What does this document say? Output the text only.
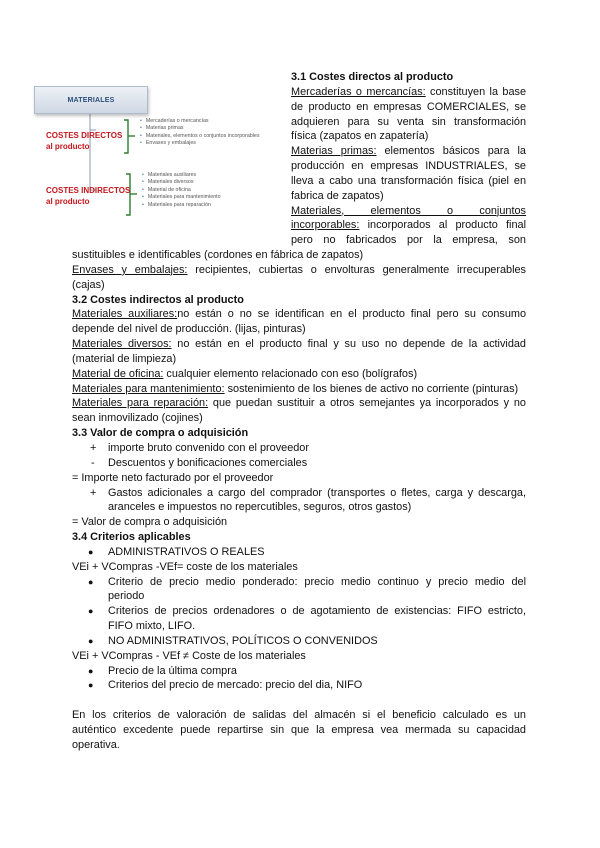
MATERIALES
COSTES DIRECTOS
al producto
• Mercaderías o mercancías
• Materias primas
• Materiales, elementos o conjuntos incorporables
• Envases y embalajes
COSTES INDIRECTOS
al producto
• Materiales auxiliares
• Materiales diversos
• Material de oficina
• Materiales para mantenimiento
• Materiales para reparación

3.1 Costes directos al producto

Mercaderías o mercancías: constituyen la base

de producto en empresas COMERCIALES, se

adquieren para su venta sin transformación

física (zapatos en zapatería)

Materias primas: elementos básicos para la

producción en empresas INDUSTRIALES, se

lleva a cabo una transformación física (piel en

fabrica de zapatos)

Materiales, elementos o conjuntos

incorporables: incorporados al producto final

pero no fabricados por la empresa, son

sustituibles e identificables (cordones en fábrica de zapatos)

Envases y embalajes: recipientes, cubiertas o envolturas generalmente irrecuperables

(cajas)

3.2 Costes indirectos al producto

Materiales auxiliares:no están o no se identifican en el producto final pero su consumo

depende del nivel de producción. (lijas, pinturas)

Materiales diversos: no están en el producto final y su uso no depende de la actividad

(material de limpieza)

Material de oficina: cualquier elemento relacionado con eso (bolígrafos)

Materiales para mantenimiento: sostenimiento de los bienes de activo no corriente (pinturas)

Materiales para reparación: que puedan sustituir a otros semejantes ya incorporados y no

sean inmovilizado (cojines)

3.3 Valor de compra o adquisición

+ importe bruto convenido con el proveedor

- Descuentos y bonificaciones comerciales

= Importe neto facturado por el proveedor

+ Gastos adicionales a cargo del comprador (transportes o fletes, carga y descarga,

aranceles e impuestos no repercutibles, seguros, otros gastos)

= Valor de compra o adquisición

3.4 Criterios aplicables

● ADMINISTRATIVOS O REALES

VEi + VCompras -VEf= coste de los materiales

● Criterio de precio medio ponderado: precio medio continuo y precio medio del

periodo

● Criterios de precios ordenadores o de agotamiento de existencias: FIFO estricto,

FIFO mixto, LIFO.

● NO ADMINISTRATIVOS, POLÍTICOS O CONVENIDOS

VEi + VCompras - VEf ≠ Coste de los materiales

● Precio de la última compra

● Criterios del precio de mercado: precio del dia, NIFO

En los criterios de valoración de salidas del almacén si el beneficio calculado es un

auténtico excedente puede repartirse sin que la empresa vea mermada su capacidad

operativa.
